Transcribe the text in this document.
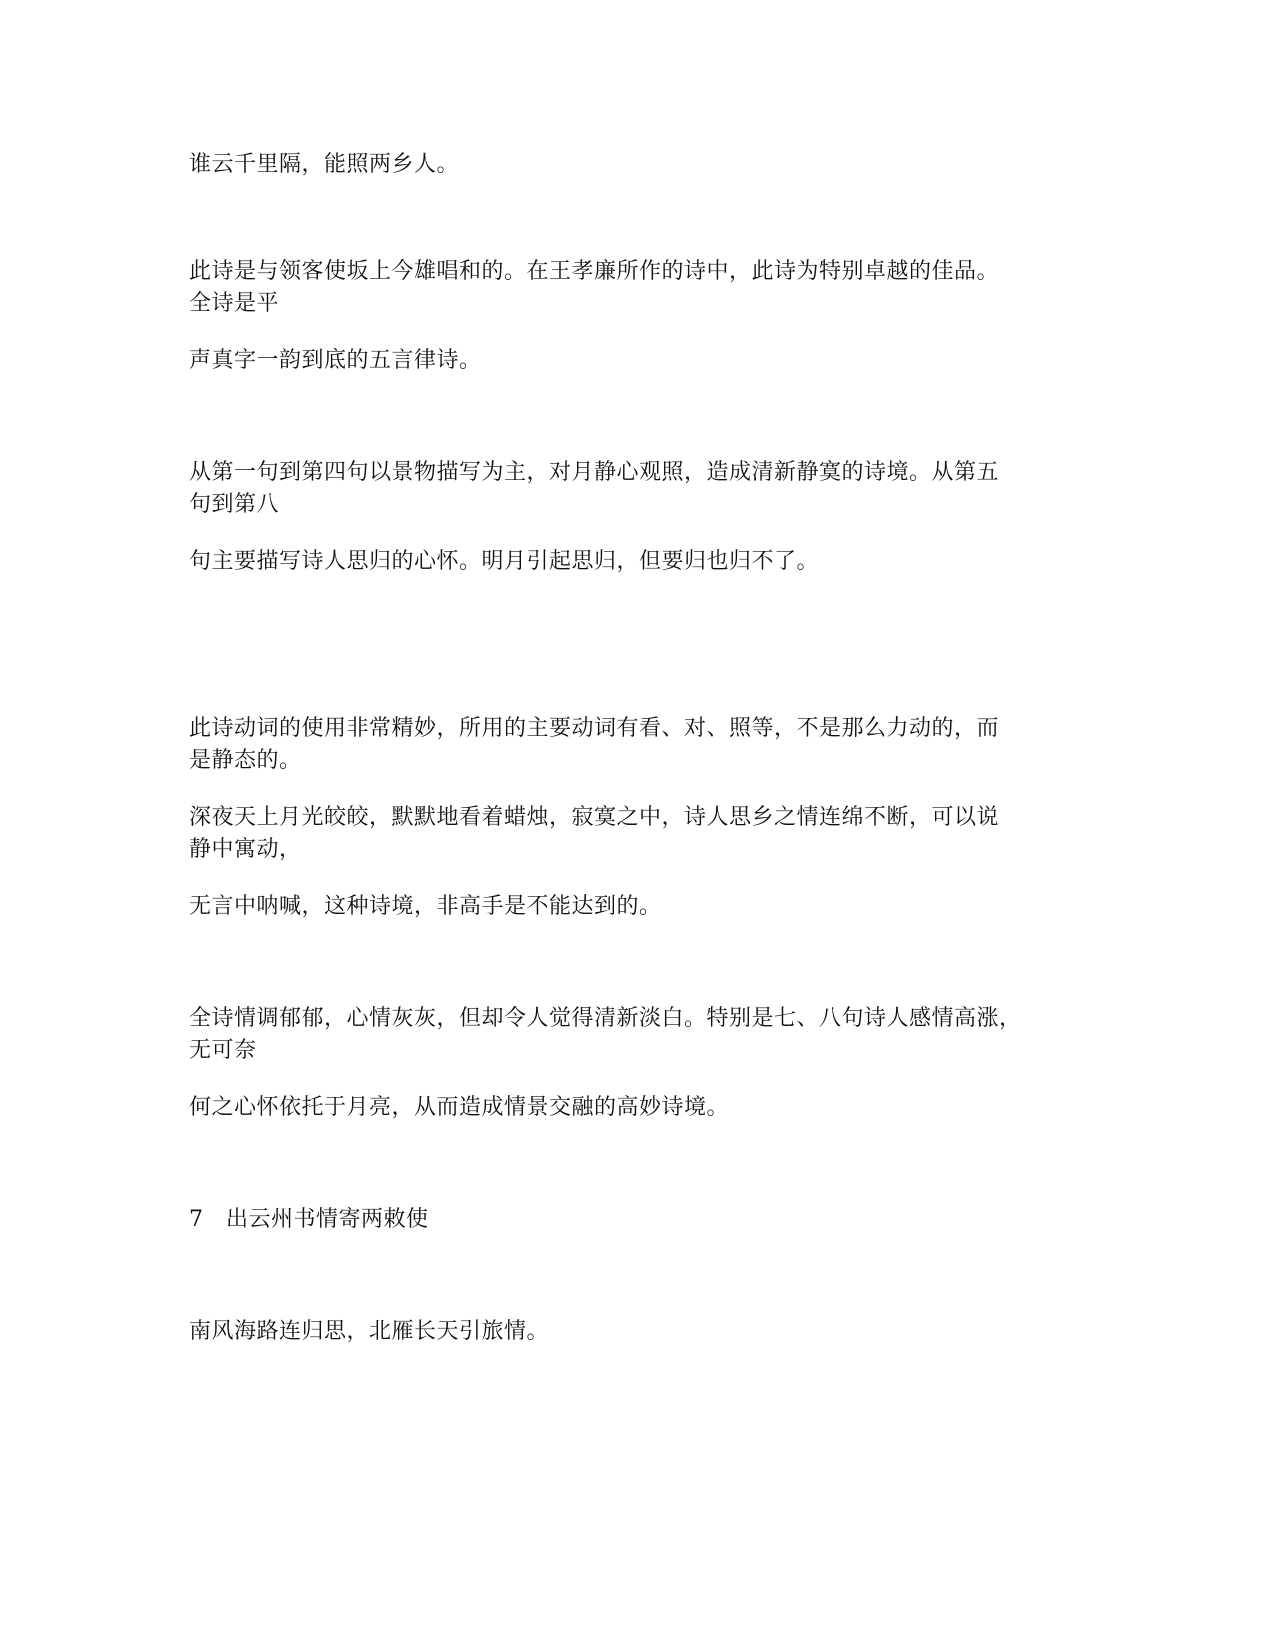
谁云千里隔，能照两乡人。
此诗是与领客使坂上今雄唱和的。在王孝廉所作的诗中，此诗为特别卓越的佳品。
全诗是平
声真字一韵到底的五言律诗。
从第一句到第四句以景物描写为主，对月静心观照，造成清新静寞的诗境。从第五
句到第八
句主要描写诗人思归的心怀。明月引起思归，但要归也归不了。
此诗动词的使用非常精妙，所用的主要动词有看、对、照等，不是那么力动的，而
是静态的。
深夜天上月光皎皎，默默地看着蜡烛，寂寞之中，诗人思乡之情连绵不断，可以说
静中寓动，
无言中呐喊，这种诗境，非高手是不能达到的。
全诗情调郁郁，心情灰灰，但却令人觉得清新淡白。特别是七、八句诗人感情高涨，
无可奈
何之心怀依托于月亮，从而造成情景交融的高妙诗境。
7　出云州书情寄两敕使
南风海路连归思，北雁长天引旅情。
